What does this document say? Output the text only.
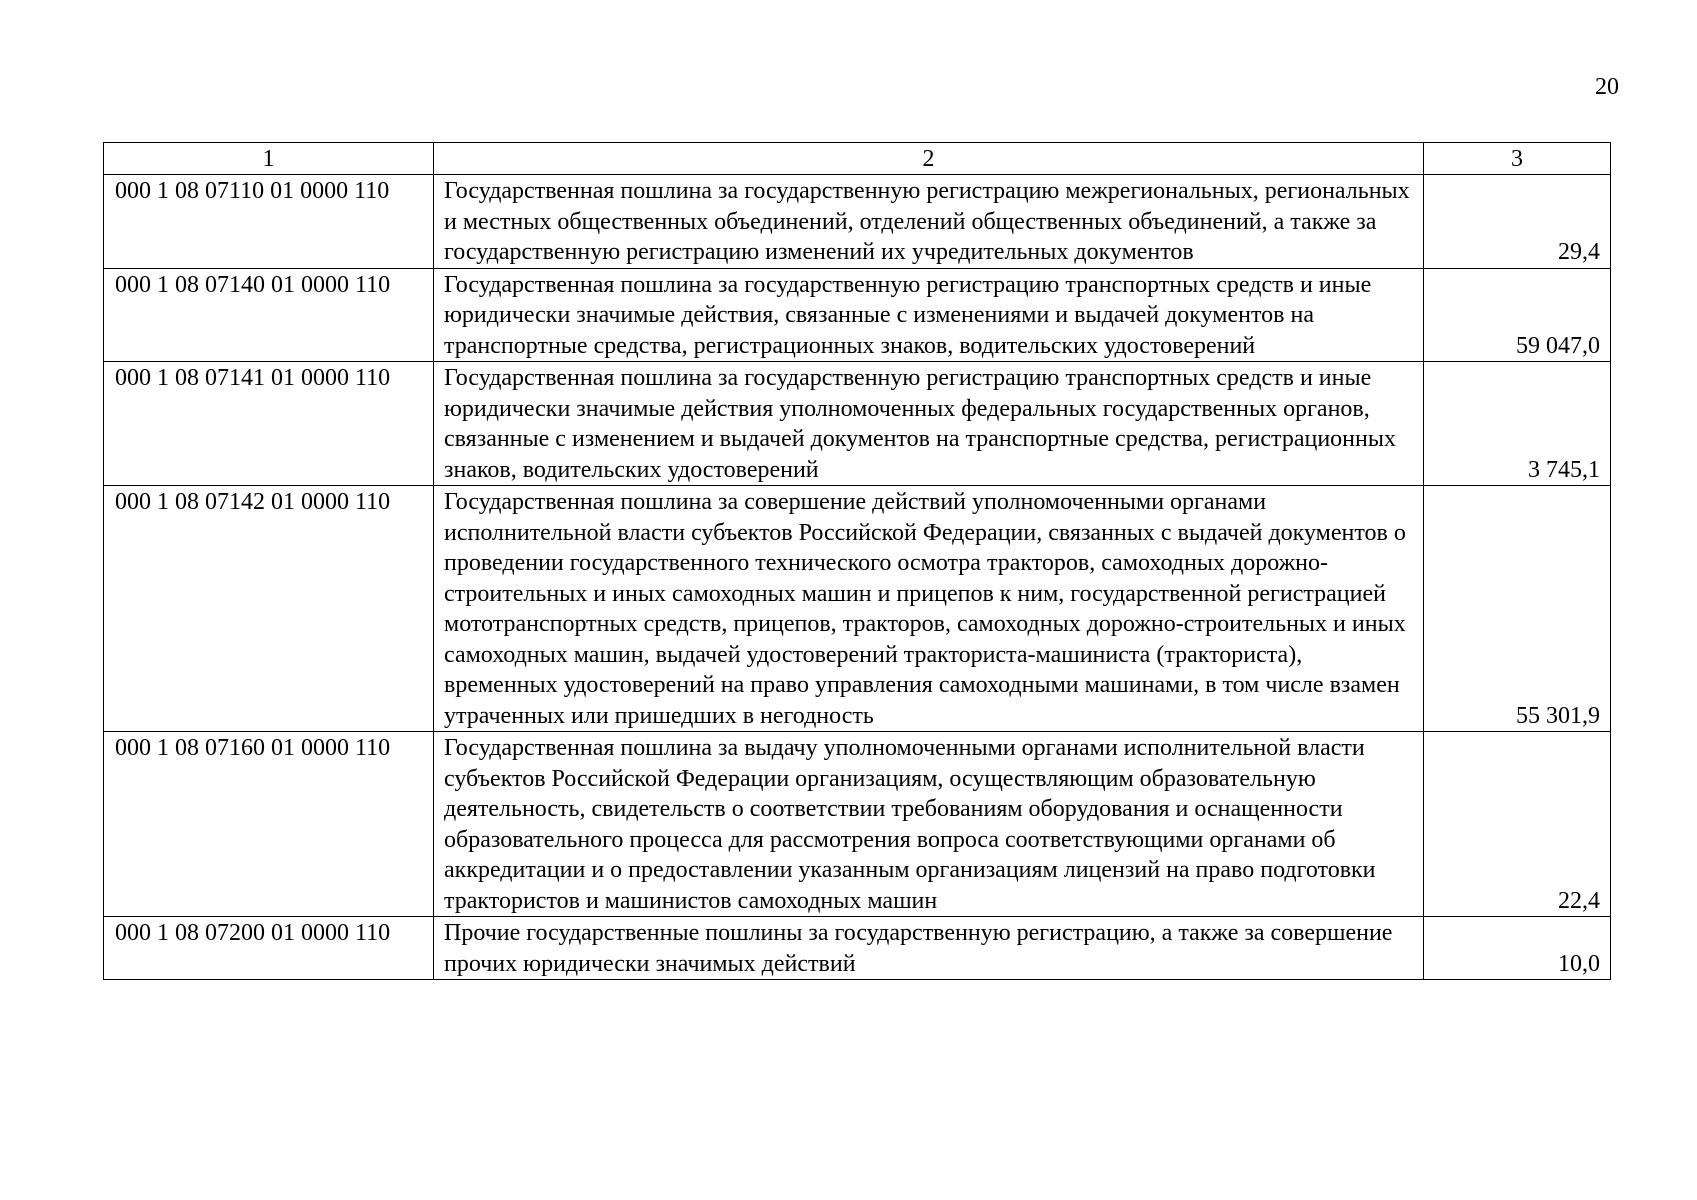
20
1	2	3
000 1 08 07110 01 0000 110	Государственная пошлина за государственную регистрацию межрегиональных, региональных и местных общественных объединений, отделений общественных объединений, а также за государственную регистрацию изменений их учредительных документов	29,4
000 1 08 07140 01 0000 110	Государственная пошлина за государственную регистрацию транспортных средств и иные юридически значимые действия, связанные с изменениями и выдачей документов на транспортные средства, регистрационных знаков, водительских удостоверений	59 047,0
000 1 08 07141 01 0000 110	Государственная пошлина за государственную регистрацию транспортных средств и иные юридически значимые действия уполномоченных федеральных государственных органов, связанные с изменением и выдачей документов на транспортные средства, регистрационных знаков, водительских удостоверений	3 745,1
000 1 08 07142 01 0000 110	Государственная пошлина за совершение действий уполномоченными органами исполнительной власти субъектов Российской Федерации, связанных с выдачей документов о проведении государственного технического осмотра тракторов, самоходных дорожно-строительных и иных самоходных машин и прицепов к ним, государственной регистрацией мототранспортных средств, прицепов, тракторов, самоходных дорожно-строительных и иных самоходных машин, выдачей удостоверений тракториста-машиниста (тракториста), временных удостоверений на право управления самоходными машинами, в том числе взамен утраченных или пришедших в негодность	55 301,9
000 1 08 07160 01 0000 110	Государственная пошлина за выдачу уполномоченными органами исполнительной власти субъектов Российской Федерации организациям, осуществляющим образовательную деятельность, свидетельств о соответствии требованиям оборудования и оснащенности образовательного процесса для рассмотрения вопроса соответствующими органами об аккредитации и о предоставлении указанным организациям лицензий на право подготовки трактористов и машинистов самоходных машин	22,4
000 1 08 07200 01 0000 110	Прочие государственные пошлины за государственную регистрацию, а также за совершение прочих юридически значимых действий	10,0
